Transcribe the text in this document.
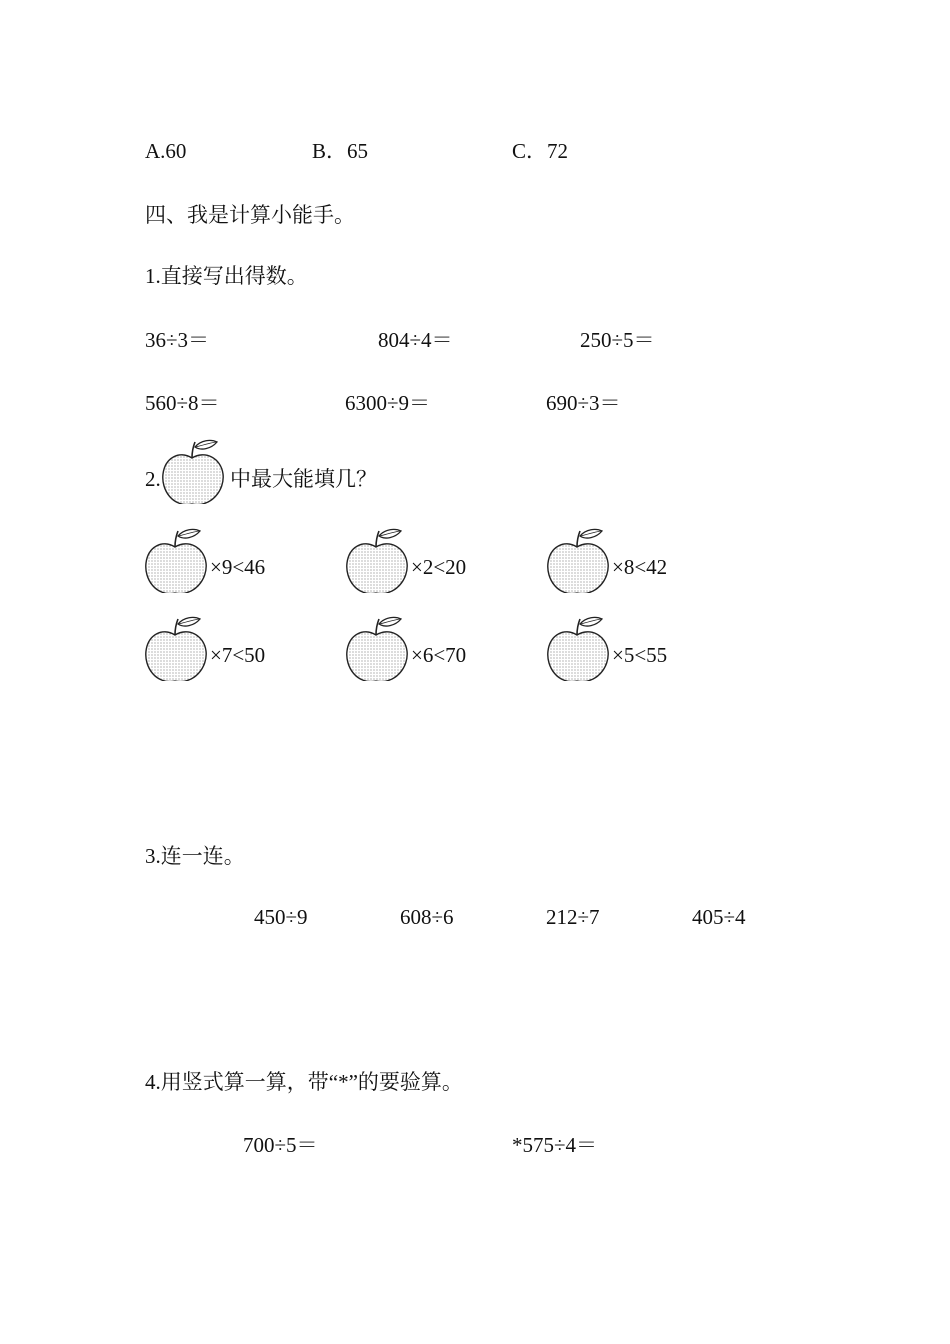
A.60	B．65	C．72
四、我是计算小能手。
1.直接写出得数。
36÷3＝	804÷4＝	250÷5＝
560÷8＝	6300÷9＝	690÷3＝
2.	中最大能填几？
×9<46	×2<20	×8<42
×7<50	×6<70	×5<55
3.连一连。
450÷9	608÷6	212÷7	405÷4
4.用竖式算一算，带“*”的要验算。
700÷5＝	*575÷4＝
